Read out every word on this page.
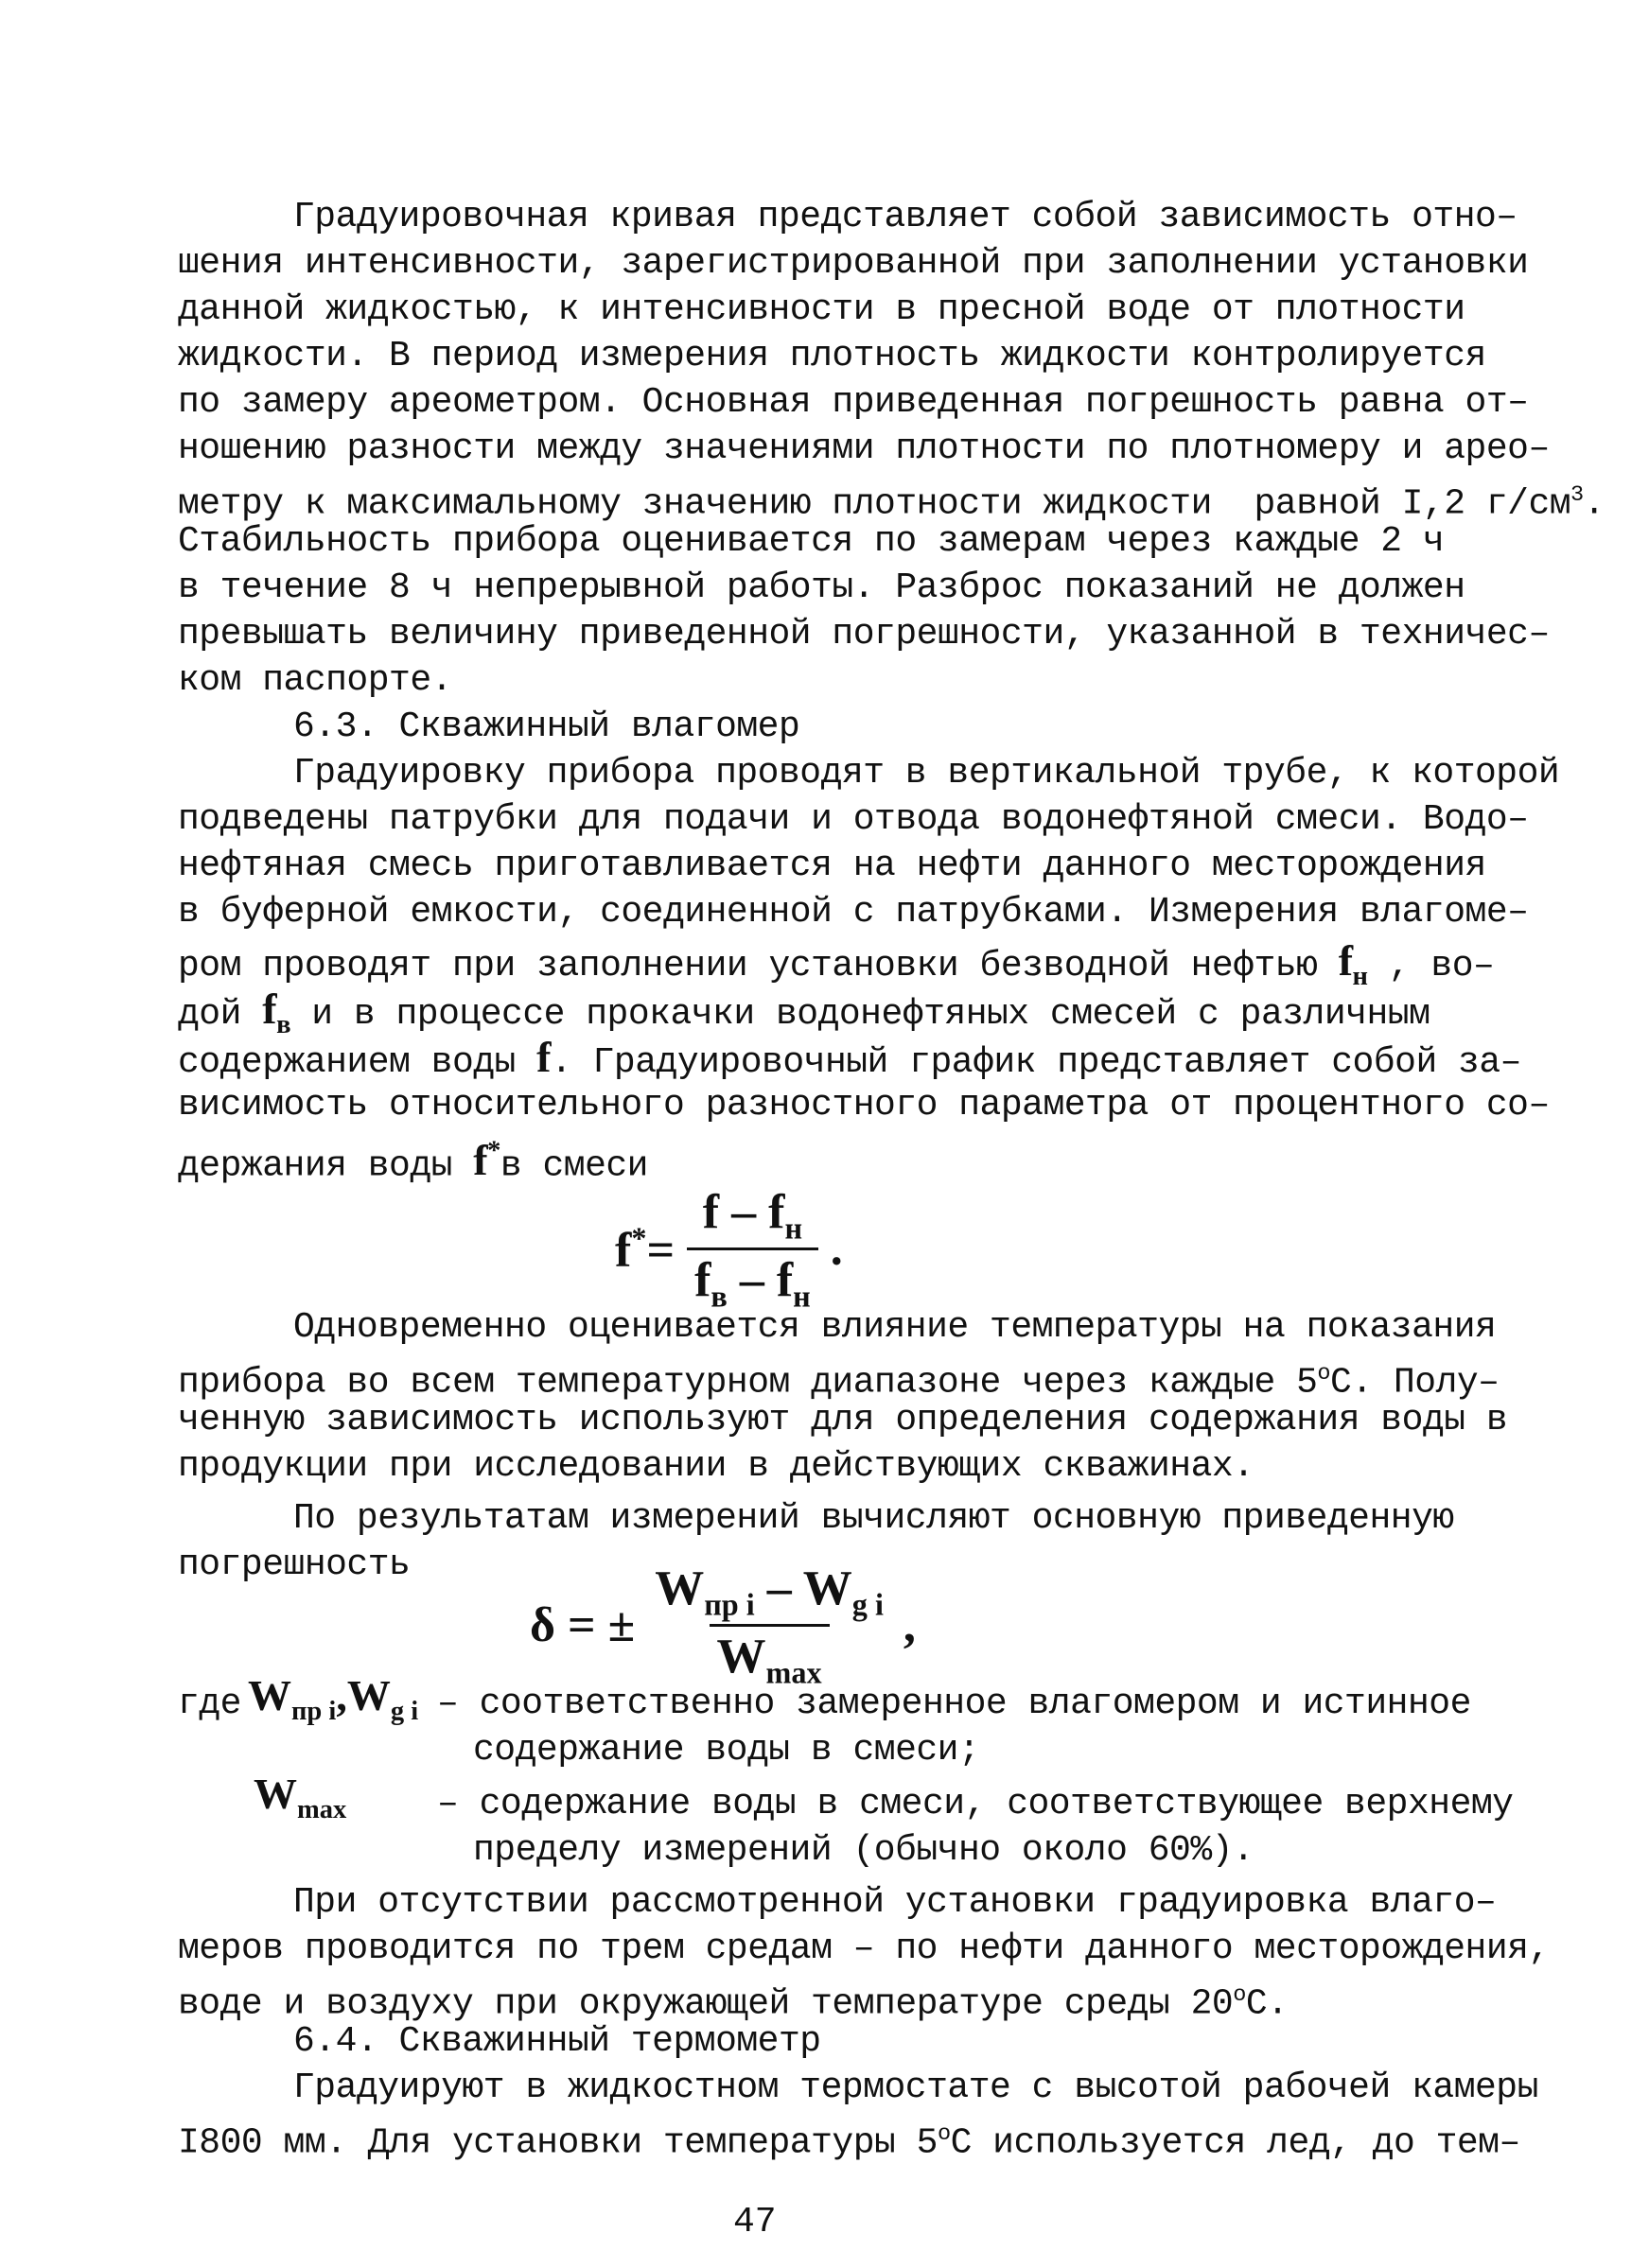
Градуировочная кривая представляет собой зависимость отно–
шения интенсивности, зарегистрированной при заполнении установки
данной жидкостью, к интенсивности в пресной воде от плотности
жидкости. В период измерения плотность жидкости контролируется
по замеру ареометром. Основная приведенная погрешность равна от–
ношению разности между значениями плотности по плотномеру и арео–
метру к максимальному значению плотности жидкости  равной I,2 $г/см^3$.
Стабильность прибора оценивается по замерам через каждые 2 ч
в течение 8 ч непрерывной работы. Разброс показаний не должен
превышать величину приведенной погрешности, указанной в техничес–
ком паспорте.
6.3. Скважинный влагомер
Градуировку прибора проводят в вертикальной трубе, к которой
подведены патрубки для подачи и отвода водонефтяной смеси. Водо–
нефтяная смесь приготавливается на нефти данного месторождения
в буферной емкости, соединенной с патрубками. Измерения влагоме–
ром проводят при заполнении установки безводной нефтью $f_н$ , во–
дой $f_в$ и в процессе прокачки водонефтяных смесей с различным
содержанием воды f. Градуировочный график представляет собой за–
висимость относительного разностного параметра от процентного со–
держания воды f*в смеси
$f^*= \frac{f - f_н}{f_в - f_н}$ .
Одновременно оценивается влияние температуры на показания
прибора во всем температурном диапазоне через каждые 5$^o$С. Полу–
ченную зависимость используют для определения содержания воды в
продукции при исследовании в действующих скважинах.
По результатам измерений вычисляют основную приведенную
погрешность
δ = ± $\frac{W_{пр i} - W_{g i}}{W_{max}}$ ,
где $W_{пр i},W_{g i}$ – соответственно замеренное влагомером и истинное
содержание воды в смеси;
$W_{max}$	– содержание воды в смеси, соответствующее верхнему
пределу измерений (обычно около 60%).
При отсутствии рассмотренной установки градуировка влаго–
меров проводится по трем средам – по нефти данного месторождения,
воде и воздуху при окружающей температуре среды 20$^o$С.
6.4. Скважинный термометр
Градуируют в жидкостном термостате с высотой рабочей камеры
I800 мм. Для установки температуры 5$^o$С используется лед, до тем–
47
